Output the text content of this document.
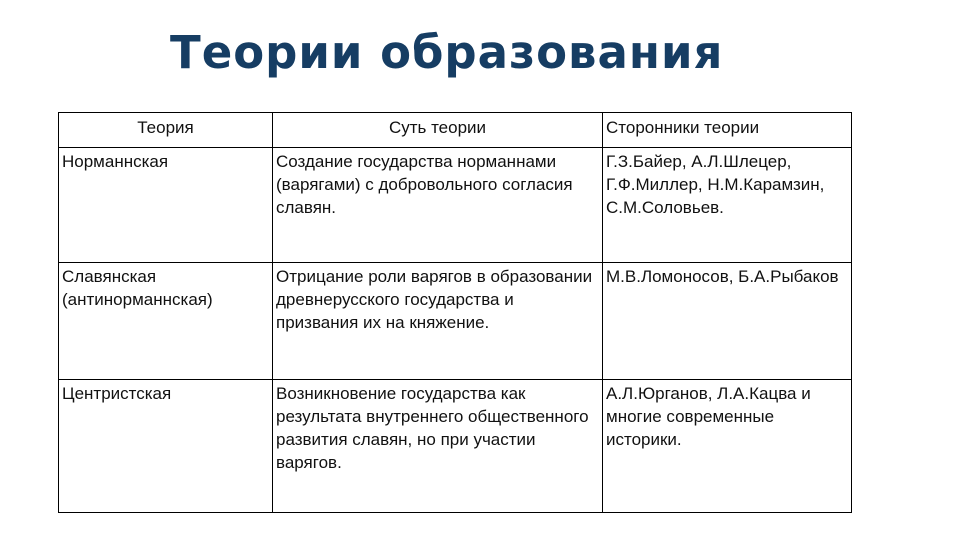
Теории образования
Теория	Суть теории	Сторонники теории
Норманнская	Создание государства норманнами (варягами) с добровольного согласия славян.	Г.З.Байер, А.Л.Шлецер, Г.Ф.Миллер, Н.М.Карамзин, С.М.Соловьев.
Славянская (антинорманнская)	Отрицание роли варягов в образовании древнерусского государства и призвания их на княжение.	М.В.Ломоносов, Б.А.Рыбаков
Центристская	Возникновение государства как результата внутреннего общественного развития славян, но при участии варягов.	А.Л.Юрганов, Л.А.Кацва и многие современные историки.
